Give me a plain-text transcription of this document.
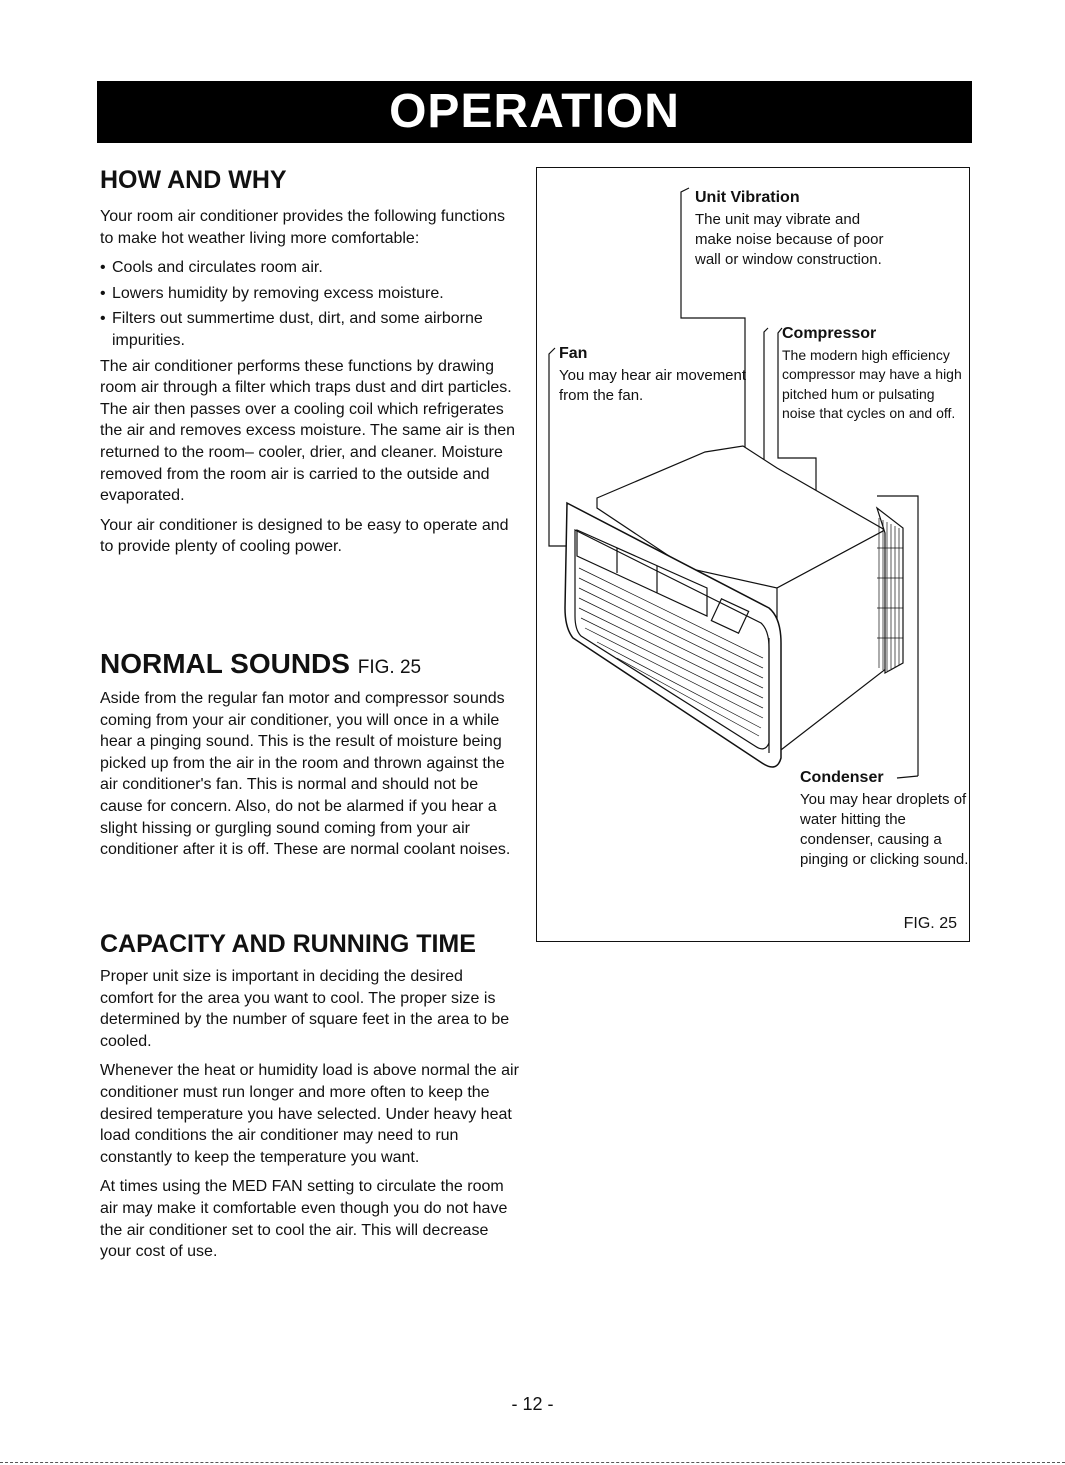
OPERATION
HOW AND WHY

Your room air conditioner provides the following functions to make hot weather living more comfortable:

• Cools and circulates room air.
• Lowers humidity by removing excess moisture.
• Filters out summertime dust, dirt, and some airborne impurities.

The air conditioner performs these functions by drawing room air through a filter which traps dust and dirt particles. The air then passes over a cooling coil which refrigerates the air and removes excess moisture. The same air is then returned to the room– cooler, drier, and cleaner. Moisture removed from the room air is carried to the outside and evaporated.

Your air conditioner is designed to be easy to operate and to provide plenty of cooling power.

NORMAL SOUNDS FIG. 25

Aside from the regular fan motor and compressor sounds coming from your air conditioner, you will once in a while hear a pinging sound. This is the result of moisture being picked up from the air in the room and thrown against the air conditioner's fan. This is normal and should not be cause for concern. Also, do not be alarmed if you hear a slight hissing or gurgling sound coming from your air conditioner after it is off. These are normal coolant noises.

CAPACITY AND RUNNING TIME

Proper unit size is important in deciding the desired comfort for the area you want to cool. The proper size is determined by the number of square feet in the area to be cooled.

Whenever the heat or humidity load is above normal the air conditioner must run longer and more often to keep the desired temperature you have selected. Under heavy heat load conditions the air conditioner may need to run constantly to keep the temperature you want.

At times using the MED FAN setting to circulate the room air may make it comfortable even though you do not have the air conditioner set to cool the air. This will decrease your cost of use.

Unit Vibration
The unit may vibrate and make noise because of poor wall or window construction.
Fan
You may hear air movement from the fan.
Compressor
The modern high efficiency compressor may have a high pitched hum or pulsating noise that cycles on and off.
Condenser
You may hear droplets of water hitting the condenser, causing a pinging or clicking sound.
FIG. 25
- 12 -
